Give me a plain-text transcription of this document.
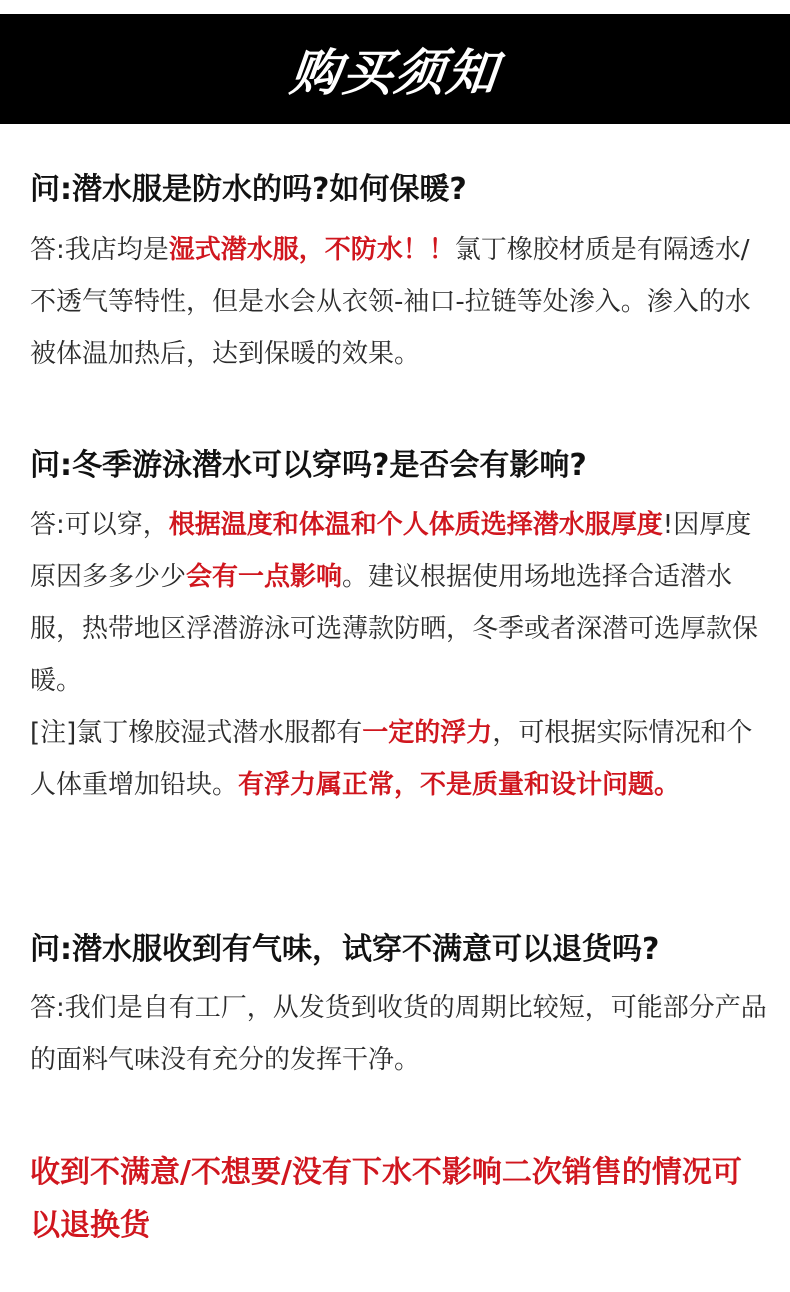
购买须知
问:潜水服是防水的吗?如何保暖?
答:我店均是湿式潜水服，不防水！！氯丁橡胶材质是有隔透水/不透气等特性，但是水会从衣领-袖口-拉链等处渗入。渗入的水被体温加热后，达到保暖的效果。
问:冬季游泳潜水可以穿吗?是否会有影响?
答:可以穿，根据温度和体温和个人体质选择潜水服厚度!因厚度原因多多少少会有一点影响。建议根据使用场地选择合适潜水服，热带地区浮潜游泳可选薄款防晒，冬季或者深潜可选厚款保暖。
[注]氯丁橡胶湿式潜水服都有一定的浮力，可根据实际情况和个人体重增加铅块。有浮力属正常，不是质量和设计问题。
问:潜水服收到有气味，试穿不满意可以退货吗?
答:我们是自有工厂，从发货到收货的周期比较短，可能部分产品的面料气味没有充分的发挥干净。
收到不满意/不想要/没有下水不影响二次销售的情况可以退换货
